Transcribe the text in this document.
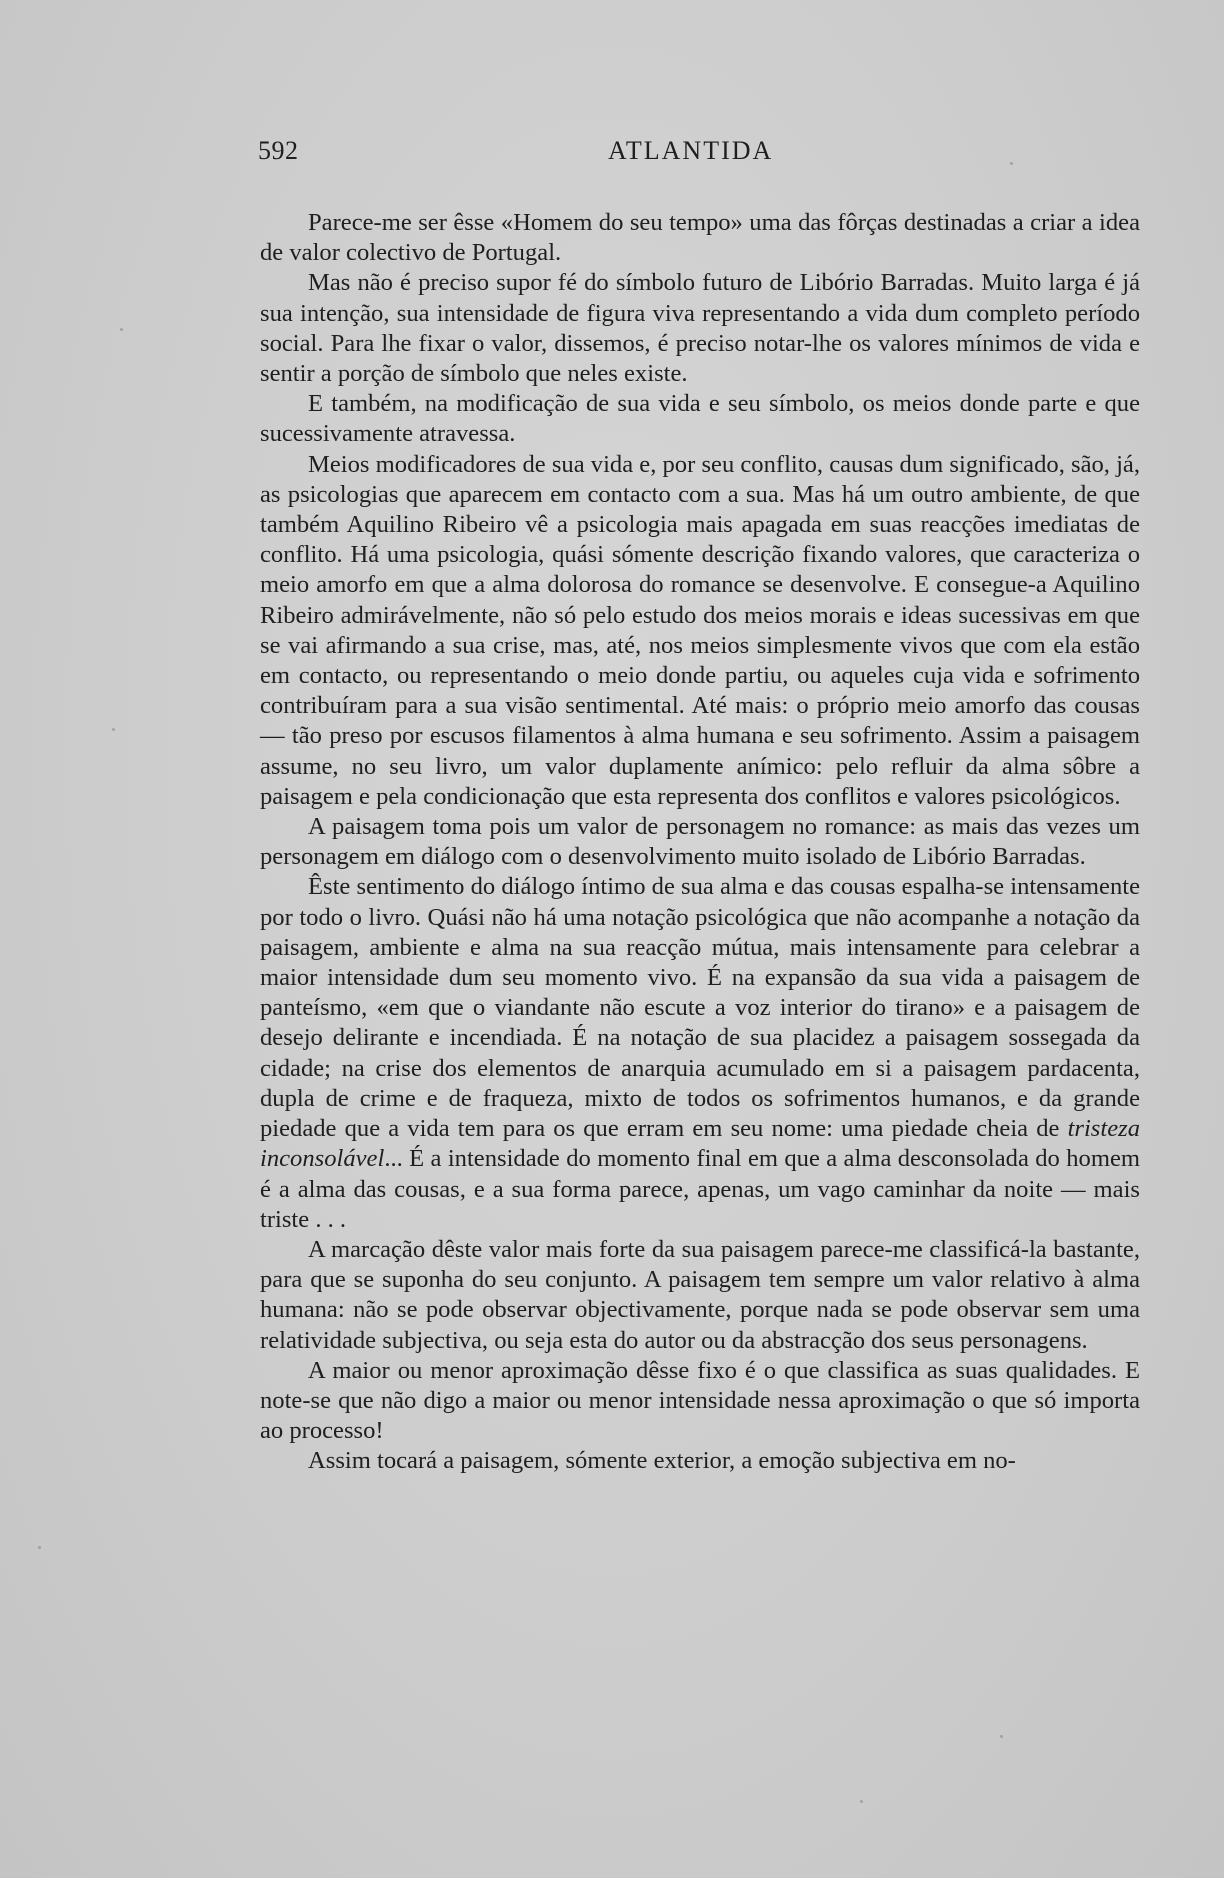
592	ATLANTIDA

Parece-me ser êsse «Homem do seu tempo» uma das fôrças destinadas a criar a idea de valor colectivo de Portugal.

Mas não é preciso supor fé do símbolo futuro de Libório Barradas. Muito larga é já sua intenção, sua intensidade de figura viva representando a vida dum completo período social. Para lhe fixar o valor, dissemos, é preciso notar-lhe os valores mínimos de vida e sentir a porção de símbolo que neles existe.

E também, na modificação de sua vida e seu símbolo, os meios donde parte e que sucessivamente atravessa.

Meios modificadores de sua vida e, por seu conflito, causas dum significado, são, já, as psicologias que aparecem em contacto com a sua. Mas há um outro ambiente, de que também Aquilino Ribeiro vê a psicologia mais apagada em suas reacções imediatas de conflito. Há uma psicologia, quási sómente descrição fixando valores, que caracteriza o meio amorfo em que a alma dolorosa do romance se desenvolve. E consegue-a Aquilino Ribeiro admirávelmente, não só pelo estudo dos meios morais e ideas sucessivas em que se vai afirmando a sua crise, mas, até, nos meios simplesmente vivos que com ela estão em contacto, ou representando o meio donde partiu, ou aqueles cuja vida e sofrimento contribuíram para a sua visão sentimental. Até mais: o próprio meio amorfo das cousas — tão preso por escusos filamentos à alma humana e seu sofrimento. Assim a paisagem assume, no seu livro, um valor duplamente anímico: pelo refluir da alma sôbre a paisagem e pela condicionação que esta representa dos conflitos e valores psicológicos.

A paisagem toma pois um valor de personagem no romance: as mais das vezes um personagem em diálogo com o desenvolvimento muito isolado de Libório Barradas.

Êste sentimento do diálogo íntimo de sua alma e das cousas espalha-se intensamente por todo o livro. Quási não há uma notação psicológica que não acompanhe a notação da paisagem, ambiente e alma na sua reacção mútua, mais intensamente para celebrar a maior intensidade dum seu momento vivo. É na expansão da sua vida a paisagem de panteísmo, «em que o viandante não escute a voz interior do tirano» e a paisagem de desejo delirante e incendiada. É na notação de sua placidez a paisagem sossegada da cidade; na crise dos elementos de anarquia acumulado em si a paisagem pardacenta, dupla de crime e de fraqueza, mixto de todos os sofrimentos humanos, e da grande piedade que a vida tem para os que erram em seu nome: uma piedade cheia de tristeza inconsolável... É a intensidade do momento final em que a alma desconsolada do homem é a alma das cousas, e a sua forma parece, apenas, um vago caminhar da noite — mais triste . . .

A marcação dêste valor mais forte da sua paisagem parece-me classificá-la bastante, para que se suponha do seu conjunto. A paisagem tem sempre um valor relativo à alma humana: não se pode observar objectivamente, porque nada se pode observar sem uma relatividade subjectiva, ou seja esta do autor ou da abstracção dos seus personagens.

A maior ou menor aproximação dêsse fixo é o que classifica as suas qualidades. E note-se que não digo a maior ou menor intensidade nessa aproximação o que só importa ao processo!

Assim tocará a paisagem, sómente exterior, a emoção subjectiva em no-
